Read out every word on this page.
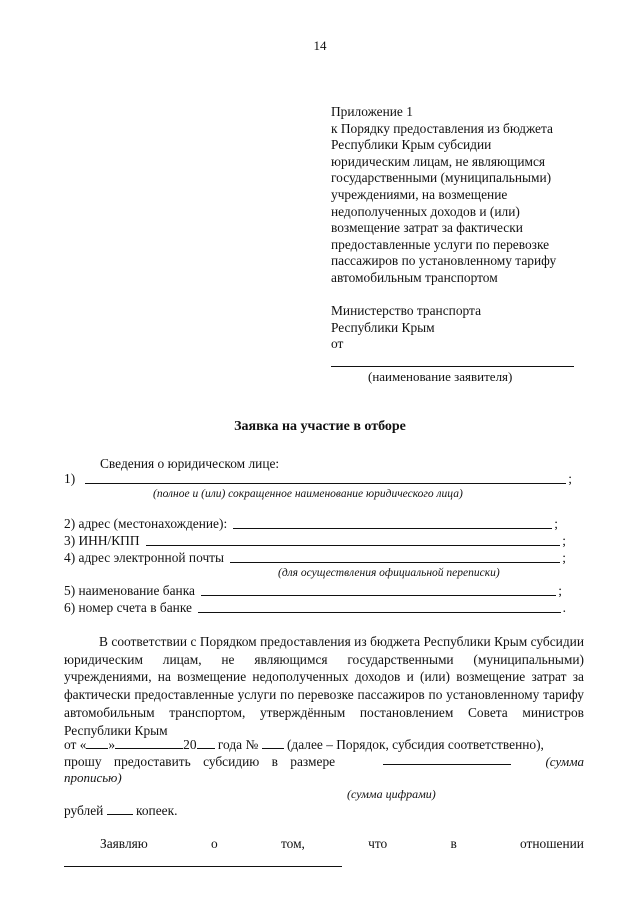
14
Приложение 1
к Порядку предоставления из бюджета
Республики Крым субсидии
юридическим лицам, не являющимся
государственными (муниципальными)
учреждениями, на возмещение
недополученных доходов и (или)
возмещение затрат за фактически
предоставленные услуги по перевозке
пассажиров по установленному тарифу
автомобильным транспортом
Министерство транспорта
Республики Крым
от
(наименование заявителя)
Заявка на участие в отборе
Сведения о юридическом лице:
1)	;
(полное и (или) сокращенное наименование юридического лица)
2) адрес (местонахождение):	;
3) ИНН/КПП	;
4) адрес электронной почты	;
(для осуществления официальной переписки)
5) наименование банка	;
6) номер счета в банке	.
В соответствии с Порядком предоставления из бюджета Республики Крым субсидии юридическим лицам, не являющимся государственными (муниципальными) учреждениями, на возмещение недополученных доходов и (или) возмещение затрат за фактически предоставленные услуги по перевозке пассажиров по установленному тарифу автомобильным транспортом, утверждённым постановлением Совета министров Республики Крым
от « »	20 года № (далее – Порядок, субсидия соответственно),
прошу предоставить субсидию в размере	(сумма
прописью)
(сумма цифрами)
рублей копеек.
Заявляю	о	том,	что	в	отношении
